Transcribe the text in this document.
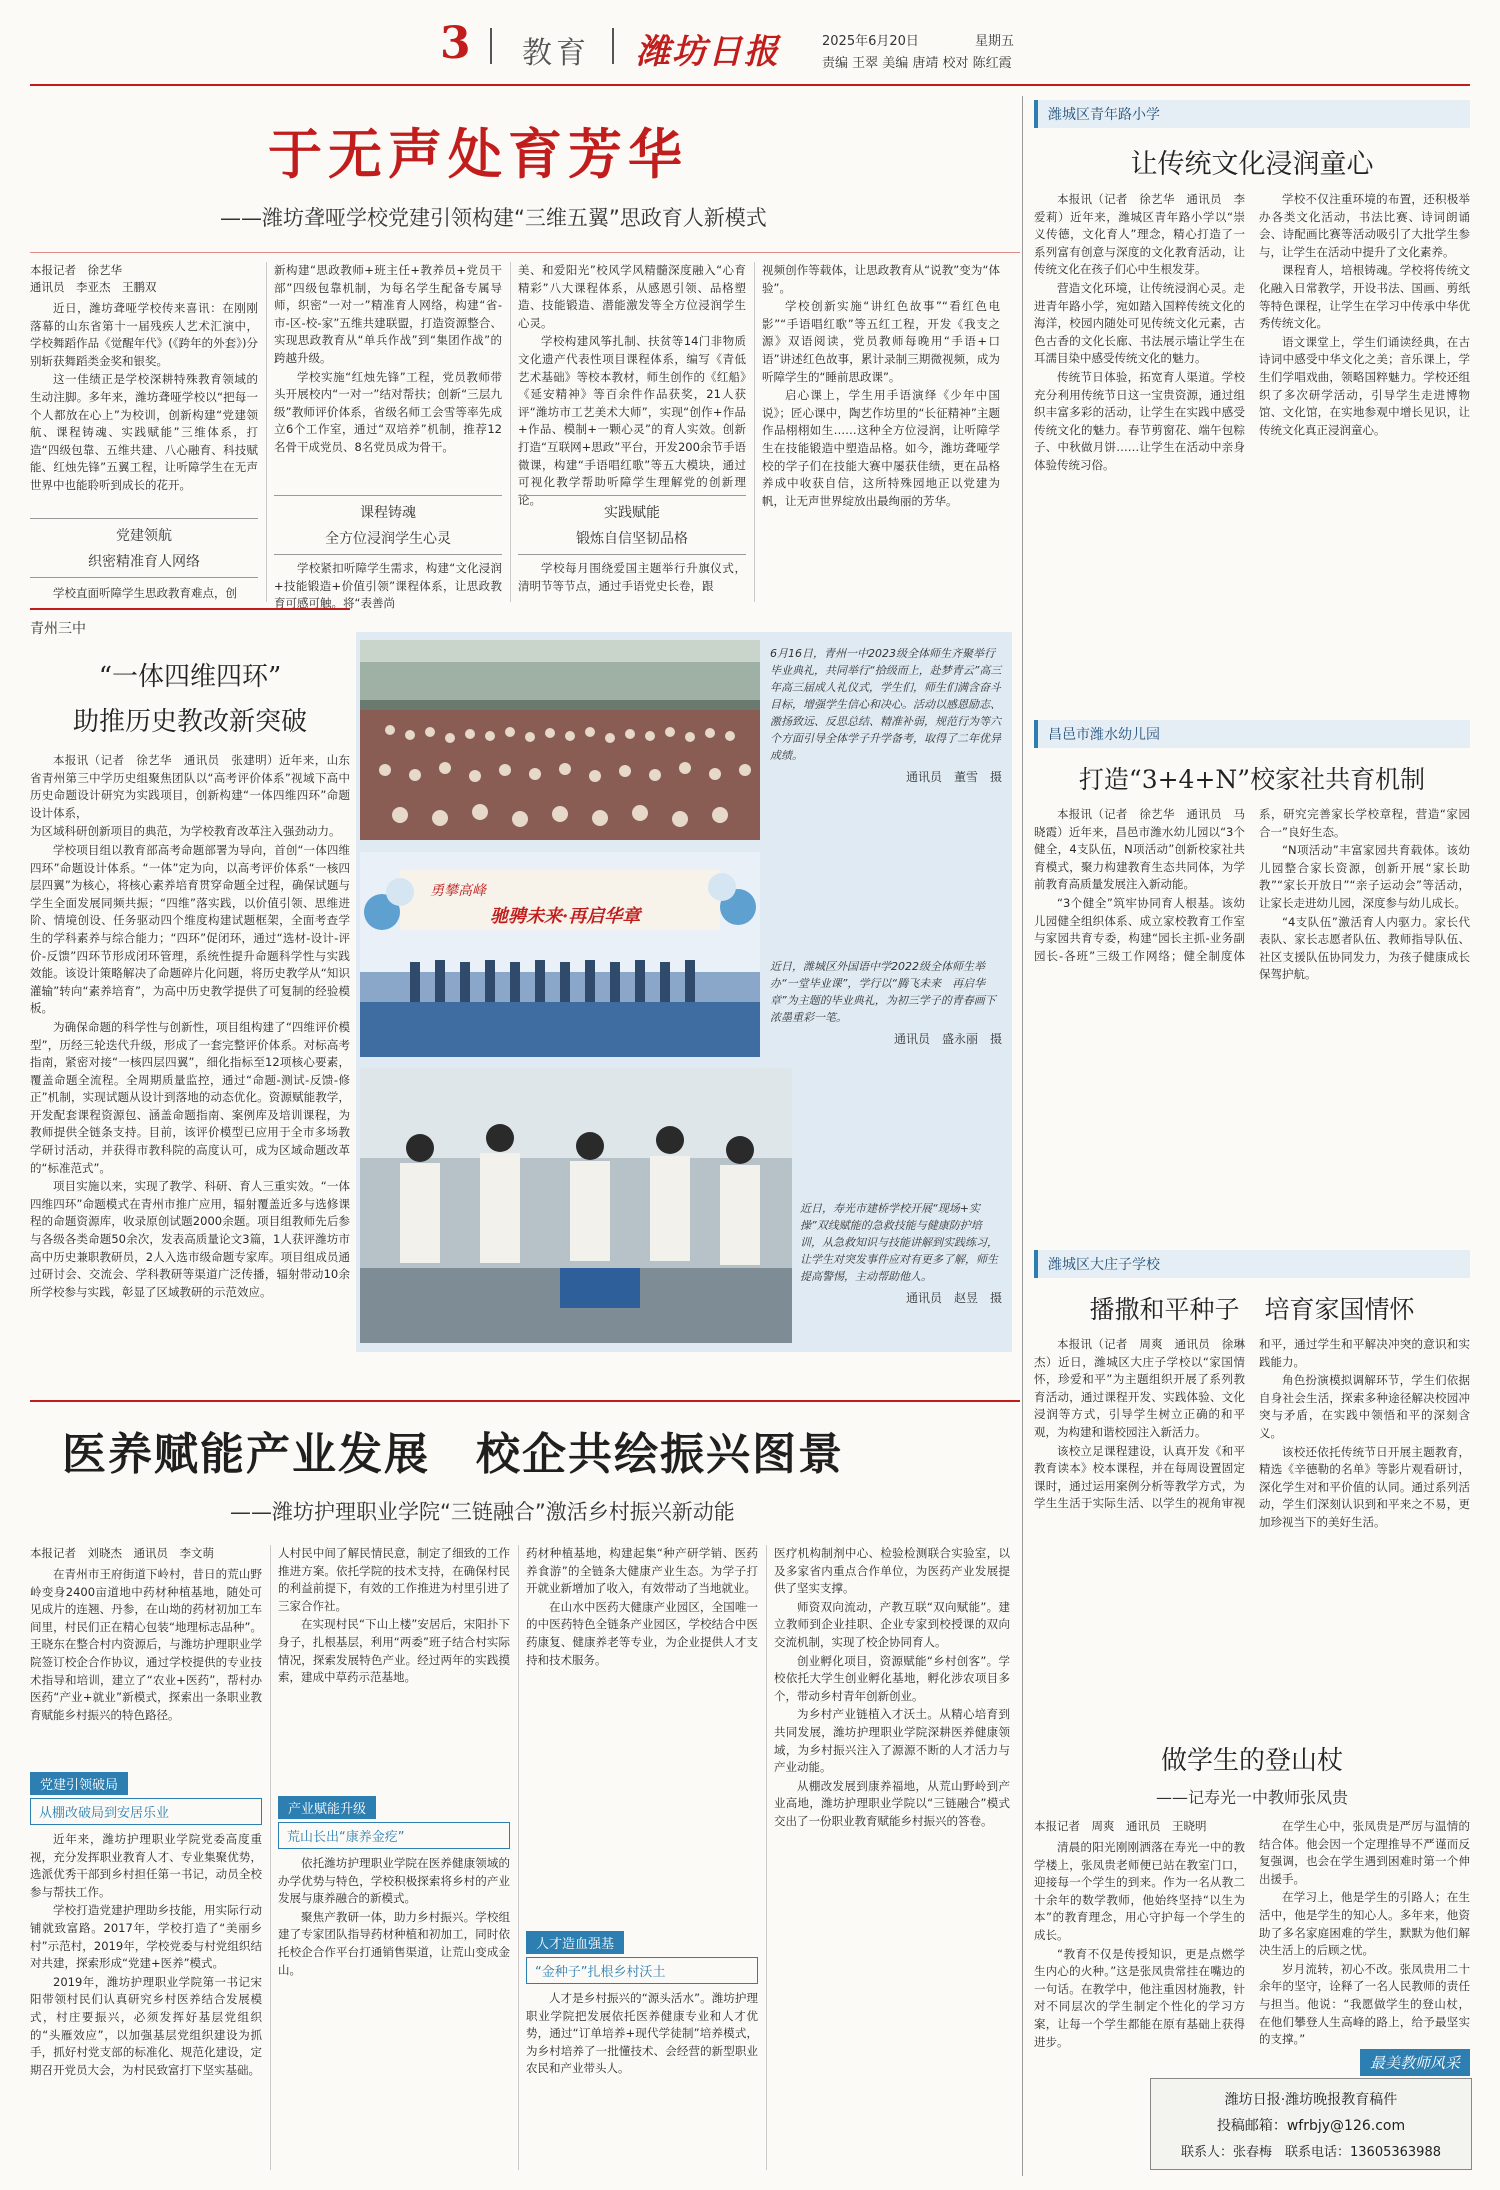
3 教育 潍坊日报	2025年6月20日	星期五
责编 王翠 美编 唐靖 校对 陈红霞
于无声处育芳华
——潍坊聋哑学校党建引领构建“三维五翼”思政育人新模式
本报记者　徐艺华
通讯员　李亚杰　王鹏双

近日，潍坊聋哑学校传来喜讯：在刚刚落幕的山东省第十一届残疾人艺术汇演中，学校舞蹈作品《觉醒年代》(《跨年的外套》)分别斩获舞蹈类金奖和银奖。

这一佳绩正是学校深耕特殊教育领域的生动注脚。多年来，潍坊聋哑学校以“把每一个人都放在心上”为校训，创新构建“党建领航、课程铸魂、实践赋能”三维体系，打造“四级包靠、五维共建、八心融育、科技赋能、红烛先锋”五翼工程，让听障学生在无声世界中也能聆听到成长的花开。

党建领航
织密精准育人网络

学校直面听障学生思政教育难点，创

新构建“思政教师+班主任+教养员+党员干部”四级包靠机制，为每名学生配备专属导师，织密“一对一”精准育人网络，构建“省-市-区-校-家”五维共建联盟，打造资源整合、实现思政教育从“单兵作战”到“集团作战”的跨越升级。

学校实施“红烛先锋”工程，党员教师带头开展校内“一对一”结对帮扶；创新“三层九级”教师评价体系，省级名师工会雪等率先成立6个工作室，通过“双培养”机制，推荐12名骨干成党员、8名党员成为骨干。

课程铸魂
全方位浸润学生心灵

学校紧扣听障学生需求，构建“文化浸润+技能锻造+价值引领”课程体系，让思政教育可感可触。将“表善尚

美、和爱阳光”校风学风精髓深度融入“心育精彩”八大课程体系，从感恩引领、品格塑造、技能锻造、潜能激发等全方位浸润学生心灵。

学校构建风筝扎制、扶贫等14门非物质文化遗产代表性项目课程体系，编写《青低艺术基础》等校本教材，师生创作的《红船》《延安精神》等百余件作品获奖，21人获评“潍坊市工艺美术大师”，实现“创作+作品+作品、模制+一颗心灵”的育人实效。创新打造“互联网+思政”平台，开发200余节手语微课，构建“手语唱红歌”等五大模块，通过可视化教学帮助听障学生理解党的创新理论。

实践赋能
锻炼自信坚韧品格

学校每月围绕爱国主题举行升旗仪式，清明节等节点，通过手语党史长卷，跟

视频创作等载体，让思政教育从“说教”变为“体验”。

学校创新实施“讲红色故事”“看红色电影”“手语唱红歌”等五红工程，开发《我支之源》双语阅读，党员教师每晚用“手语+口语”讲述红色故事，累计录制三期微视频，成为听障学生的“睡前思政课”。

启心课上，学生用手语演绎《少年中国说》；匠心课中，陶艺作坊里的“长征精神”主题作品栩栩如生……这种全方位浸润，让听障学生在技能锻造中塑造品格。如今，潍坊聋哑学校的学子们在技能大赛中屡获佳绩，更在品格养成中收获自信，这所特殊园地正以党建为帆，让无声世界绽放出最绚丽的芳华。

青州三中
“一体四维四环”
助推历史教改新突破

本报讯（记者　徐艺华　通讯员　张建明）近年来，山东省青州第三中学历史组聚焦团队以“高考评价体系”视域下高中历史命题设计研究为实践项目，创新构建“一体四维四环”命题设计体系，

为区域科研创新项目的典范，为学校教育改革注入强劲动力。

学校项目组以教育部高考命题部署为导向，首创“一体四维四环”命题设计体系。“一体”定为向，以高考评价体系“一核四层四翼”为核心，将核心素养培育贯穿命题全过程，确保试题与学生全面发展同频共振；“四维”落实践，以价值引领、思维进阶、情境创设、任务驱动四个维度构建试题框架，全面考查学生的学科素养与综合能力；“四环”促闭环，通过“选材-设计-评价-反馈”四环节形成闭环管理，系统性提升命题科学性与实践效能。该设计策略解决了命题碎片化问题，将历史教学从“知识灌输”转向“素养培育”，为高中历史教学提供了可复制的经验模板。

为确保命题的科学性与创新性，项目组构建了“四维评价模型”，历经三轮迭代升级，形成了一套完整评价体系。对标高考指南，紧密对接“一核四层四翼”，细化指标至12项核心要素，覆盖命题全流程。全周期质量监控，通过“命题-测试-反馈-修正”机制，实现试题从设计到落地的动态优化。资源赋能教学，开发配套课程资源包、涵盖命题指南、案例库及培训课程，为教师提供全链条支持。目前，该评价模型已应用于全市多场教学研讨活动，并获得市教科院的高度认可，成为区域命题改革的“标准范式”。

项目实施以来，实现了教学、科研、育人三重实效。“一体四维四环”命题模式在青州市推广应用，辐射覆盖近多与选修课程的命题资源库，收录原创试题2000余题。项目组教师先后参与各级各类命题50余次，发表高质量论文3篇，1人获评潍坊市高中历史兼职教研员，2人入选市级命题专家库。项目组成员通过研讨会、交流会、学科教研等渠道广泛传播，辐射带动10余所学校参与实践，彰显了区域教研的示范效应。

6月16日，青州一中2023级全体师生齐聚举行毕业典礼，共同举行“拾级而上，赴梦青云”高三年高三届成人礼仪式，学生们，师生们满含奋斗目标，增强学生信心和决心。活动以感恩励志、激扬致远、反思总结、精准补弱，规范行为等六个方面引导全体学子升学备考，取得了二年优异成绩。
通讯员　董雪　摄
勇攀高峰
驰骋未来·再启华章
近日，潍城区外国语中学2022级全体师生举办“一堂毕业课”，学行以“腾飞未来　再启华章”为主题的毕业典礼，为初三学子的青春画下浓墨重彩一笔。
通讯员　盛永丽　摄
近日，寿光市建桥学校开展“现场+实操”双线赋能的急救技能与健康防护培训，从急救知识与技能讲解到实践练习，让学生对突发事件应对有更多了解，师生提高警惕，主动帮助他人。
通讯员　赵昱　摄
医养赋能产业发展　校企共绘振兴图景
——潍坊护理职业学院“三链融合”激活乡村振兴新动能
本报记者　刘晓杰　通讯员　李文萌

在青州市王府街道下岭村，昔日的荒山野岭变身2400亩道地中药材种植基地，随处可见成片的连翘、丹参，在山坳的药材初加工车间里，村民们正在精心包装“地理标志品种”。王晓东在整合村内资源后，与潍坊护理职业学院签订校企合作协议，通过学校提供的专业技术指导和培训，建立了“农业+医药”，帮村办医药“产业+就业”新模式，探索出一条职业教育赋能乡村振兴的特色路径。

党建引领破局
从棚改破局到安居乐业

近年来，潍坊护理职业学院党委高度重视，充分发挥职业教育人才、专业集聚优势，选派优秀干部到乡村担任第一书记，动员全校参与帮扶工作。

学校打造党建护理助乡技能，用实际行动铺就致富路。2017年，学校打造了“美丽乡村”示范村，2019年，学校党委与村党组织结对共建，探索形成“党建+医养”模式。

2019年，潍坊护理职业学院第一书记宋阳带领村民们认真研究乡村医养结合发展模式，村庄要振兴，必须发挥好基层党组织的“头雁效应”，以加强基层党组织建设为抓手，抓好村党支部的标准化、规范化建设，定期召开党员大会，为村民致富打下坚实基础。

人村民中间了解民情民意，制定了细致的工作推进方案。依托学院的技术支持，在确保村民的利益前提下，有效的工作推进为村里引进了三家合作社。

在实现村民“下山上楼”安居后，宋阳扑下身子，扎根基层，利用“两委”班子结合村实际情况，探索发展特色产业。经过两年的实践摸索，建成中草药示范基地。

产业赋能升级
荒山长出“康养金疙”

依托潍坊护理职业学院在医养健康领域的办学优势与特色，学校积极探索将乡村的产业发展与康养融合的新模式。

聚焦产教研一体，助力乡村振兴。学校组建了专家团队指导药材种植和初加工，同时依托校企合作平台打通销售渠道，让荒山变成金山。

药材种植基地，构建起集“种产研学销、医药养食游”的全链条大健康产业生态。为学子打开就业新增加了收入，有效带动了当地就业。

在山水中医药大健康产业园区，全国唯一的中医药特色全链条产业园区，学校结合中医药康复、健康养老等专业，为企业提供人才支持和技术服务。

人才造血强基
“金种子”扎根乡村沃土

人才是乡村振兴的“源头活水”。潍坊护理职业学院把发展依托医养健康专业和人才优势，通过“订单培养+现代学徒制”培养模式，为乡村培养了一批懂技术、会经营的新型职业农民和产业带头人。

医疗机构制剂中心、检验检测联合实验室，以及多家省内重点合作单位，为医药产业发展提供了坚实支撑。

师资双向流动，产教互联“双向赋能”。建立教师到企业挂职、企业专家到校授课的双向交流机制，实现了校企协同育人。

创业孵化项目，资源赋能“乡村创客”。学校依托大学生创业孵化基地，孵化涉农项目多个，带动乡村青年创新创业。

为乡村产业链植入才沃土。从精心培育到共同发展，潍坊护理职业学院深耕医养健康领域，为乡村振兴注入了源源不断的人才活力与产业动能。

从棚改发展到康养福地，从荒山野岭到产业高地，潍坊护理职业学院以“三链融合”模式交出了一份职业教育赋能乡村振兴的答卷。

潍城区青年路小学
让传统文化浸润童心

本报讯（记者　徐艺华　通讯员　李爱莉）近年来，潍城区青年路小学以“崇义传德，文化育人”理念，精心打造了一系列富有创意与深度的文化教育活动，让传统文化在孩子们心中生根发芽。

营造文化环境，让传统浸润心灵。走进青年路小学，宛如踏入国粹传统文化的海洋，校园内随处可见传统文化元素，古色古香的文化长廊、书法展示墙让学生在耳濡目染中感受传统文化的魅力。

传统节日体验，拓宽育人渠道。学校充分利用传统节日这一宝贵资源，通过组织丰富多彩的活动，让学生在实践中感受传统文化的魅力。春节剪窗花、端午包粽子、中秋做月饼……让学生在活动中亲身体验传统习俗。

学校不仅注重环境的布置，还积极举办各类文化活动，书法比赛、诗词朗诵会、诗配画比赛等活动吸引了大批学生参与，让学生在活动中提升了文化素养。

课程育人，培根铸魂。学校将传统文化融入日常教学，开设书法、国画、剪纸等特色课程，让学生在学习中传承中华优秀传统文化。

语文课堂上，学生们诵读经典，在古诗词中感受中华文化之美；音乐课上，学生们学唱戏曲，领略国粹魅力。学校还组织了多次研学活动，引导学生走进博物馆、文化馆，在实地参观中增长见识，让传统文化真正浸润童心。

昌邑市潍水幼儿园
打造“3+4+N”校家社共育机制

本报讯（记者　徐艺华　通讯员　马晓霞）近年来，昌邑市潍水幼儿园以“3个健全，4支队伍，N项活动”创新校家社共育模式，聚力构建教育生态共同体，为学前教育高质量发展注入新动能。

“3个健全”筑牢协同育人根基。该幼儿园健全组织体系、成立家校教育工作室与家园共育专委，构建“园长主抓-业务副园长-各班”三级工作网络；健全制度体系，研究完善家长学校章程，营造“家园合一”良好生态。

“N项活动”丰富家园共育载体。该幼儿园整合家长资源，创新开展“家长助教”“家长开放日”“亲子运动会”等活动，让家长走进幼儿园，深度参与幼儿成长。

“4支队伍”激活育人内驱力。家长代表队、家长志愿者队伍、教师指导队伍、社区支援队伍协同发力，为孩子健康成长保驾护航。

潍城区大庄子学校
播撒和平种子　培育家国情怀

本报讯（记者　周爽　通讯员　徐琳杰）近日，潍城区大庄子学校以“家国情怀，珍爱和平”为主题组织开展了系列教育活动，通过课程开发、实践体验、文化浸润等方式，引导学生树立正确的和平观，为构建和谐校园注入新活力。

该校立足课程建设，认真开发《和平教育读本》校本课程，并在每周设置固定课时，通过运用案例分析等教学方式，为学生生活于实际生活、以学生的视角审视和平，通过学生和平解决冲突的意识和实践能力。

角色扮演模拟调解环节，学生们依据自身社会生活，探索多种途径解决校园冲突与矛盾，在实践中领悟和平的深刻含义。

该校还依托传统节日开展主题教育，精选《辛德勒的名单》等影片观看研讨，深化学生对和平价值的认同。通过系列活动，学生们深刻认识到和平来之不易，更加珍视当下的美好生活。

做学生的登山杖
——记寿光一中教师张凤贵
本报记者　周爽　通讯员　王晓明

清晨的阳光刚刚洒落在寿光一中的教学楼上，张凤贵老师便已站在教室门口，迎接每一个学生的到来。作为一名从教二十余年的数学教师，他始终坚持“以生为本”的教育理念，用心守护每一个学生的成长。

“教育不仅是传授知识，更是点燃学生内心的火种。”这是张凤贵常挂在嘴边的一句话。在教学中，他注重因材施教，针对不同层次的学生制定个性化的学习方案，让每一个学生都能在原有基础上获得进步。

在学生心中，张凤贵是严厉与温情的结合体。他会因一个定理推导不严谨而反复强调，也会在学生遇到困难时第一个伸出援手。

在学习上，他是学生的引路人；在生活中，他是学生的知心人。多年来，他资助了多名家庭困难的学生，默默为他们解决生活上的后顾之忧。

岁月流转，初心不改。张凤贵用二十余年的坚守，诠释了一名人民教师的责任与担当。他说：“我愿做学生的登山杖，在他们攀登人生高峰的路上，给予最坚实的支撑。”

最美教师风采
潍坊日报·潍坊晚报教育稿件
投稿邮箱：wfrbjy@126.com
联系人：张春梅　联系电话：13605363988
